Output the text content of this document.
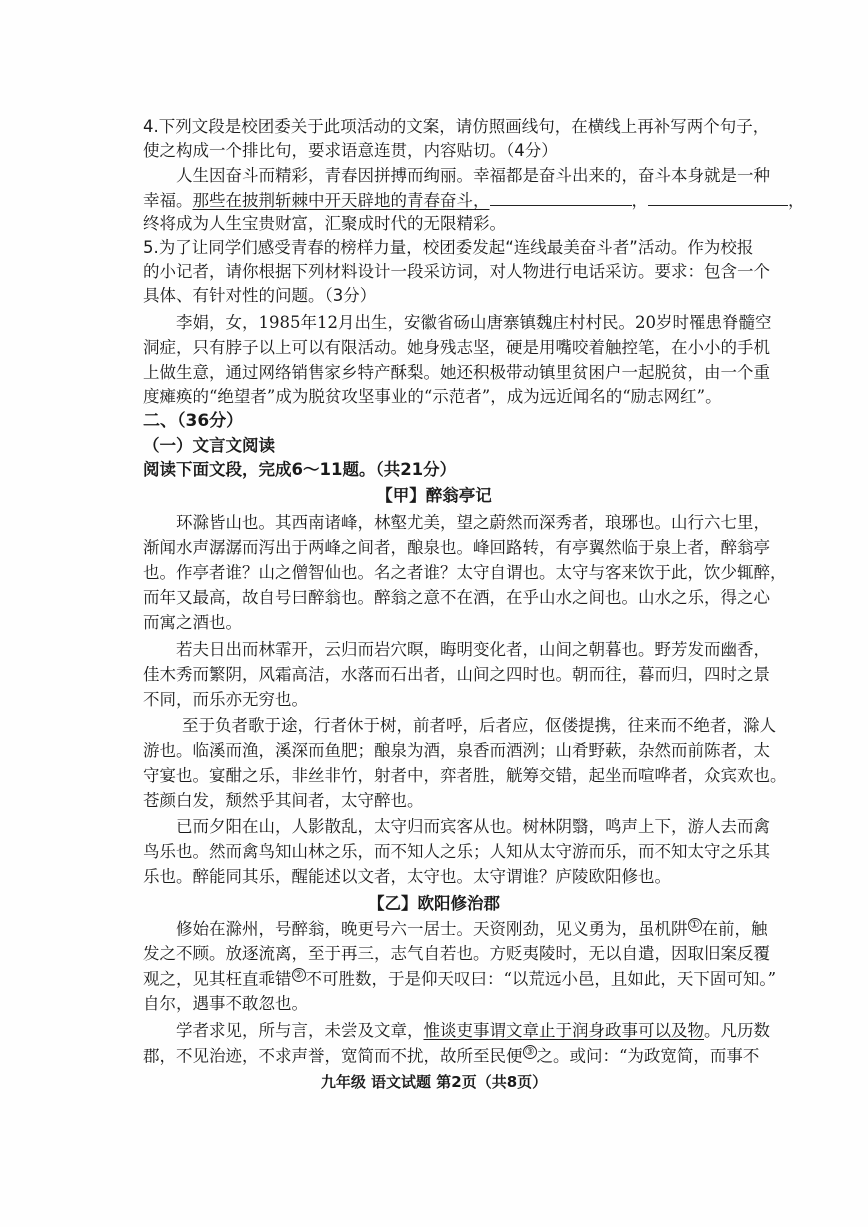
4.下列文段是校团委关于此项活动的文案，请仿照画线句，在横线上再补写两个句子，
使之构成一个排比句，要求语意连贯，内容贴切。（4分）
人生因奋斗而精彩，青春因拼搏而绚丽。幸福都是奋斗出来的，奋斗本身就是一种
幸福。那些在披荆斩棘中开天辟地的青春奋斗，	，	，
终将成为人生宝贵财富，汇聚成时代的无限精彩。
5.为了让同学们感受青春的榜样力量，校团委发起“连线最美奋斗者”活动。作为校报
的小记者，请你根据下列材料设计一段采访词，对人物进行电话采访。要求：包含一个
具体、有针对性的问题。（3分）
李娟，女，1985年12月出生，安徽省砀山唐寨镇魏庄村村民。20岁时罹患脊髓空
洞症，只有脖子以上可以有限活动。她身残志坚，硬是用嘴咬着触控笔，在小小的手机
上做生意，通过网络销售家乡特产酥梨。她还积极带动镇里贫困户一起脱贫，由一个重
度瘫痪的“绝望者”成为脱贫攻坚事业的“示范者”，成为远近闻名的“励志网红”。
二、（36分）
（一）文言文阅读
阅读下面文段，完成6～11题。（共21分）
【甲】醉翁亭记
环滁皆山也。其西南诸峰，林壑尤美，望之蔚然而深秀者，琅琊也。山行六七里，
渐闻水声潺潺而泻出于两峰之间者，酿泉也。峰回路转，有亭翼然临于泉上者，醉翁亭
也。作亭者谁？山之僧智仙也。名之者谁？太守自谓也。太守与客来饮于此，饮少辄醉，
而年又最高，故自号曰醉翁也。醉翁之意不在酒，在乎山水之间也。山水之乐，得之心
而寓之酒也。
若夫日出而林霏开，云归而岩穴暝，晦明变化者，山间之朝暮也。野芳发而幽香，
佳木秀而繁阴，风霜高洁，水落而石出者，山间之四时也。朝而往，暮而归，四时之景
不同，而乐亦无穷也。
至于负者歌于途，行者休于树，前者呼，后者应，伛偻提携，往来而不绝者，滁人
游也。临溪而渔，溪深而鱼肥；酿泉为酒，泉香而酒洌；山肴野蔌，杂然而前陈者，太
守宴也。宴酣之乐，非丝非竹，射者中，弈者胜，觥筹交错，起坐而喧哗者，众宾欢也。
苍颜白发，颓然乎其间者，太守醉也。
已而夕阳在山，人影散乱，太守归而宾客从也。树林阴翳，鸣声上下，游人去而禽
鸟乐也。然而禽鸟知山林之乐，而不知人之乐；人知从太守游而乐，而不知太守之乐其
乐也。醉能同其乐，醒能述以文者，太守也。太守谓谁？庐陵欧阳修也。
【乙】欧阳修治郡
修始在滁州，号醉翁，晚更号六一居士。天资刚劲，见义勇为，虽机阱 ① 在前，触
发之不顾。放逐流离，至于再三，志气自若也。方贬夷陵时，无以自遣，因取旧案反覆
观之，见其枉直乖错 ② 不可胜数，于是仰天叹曰：“以荒远小邑，且如此，天下固可知。”
自尔，遇事不敢忽也。
学者求见，所与言，未尝及文章，惟谈吏事谓文章止于润身政事可以及物。凡历数
郡，不见治迹，不求声誉，宽简而不扰，故所至民便 ③ 之。或问：“为政宽简，而事不
九年级 语文试题 第2页（共8页）
